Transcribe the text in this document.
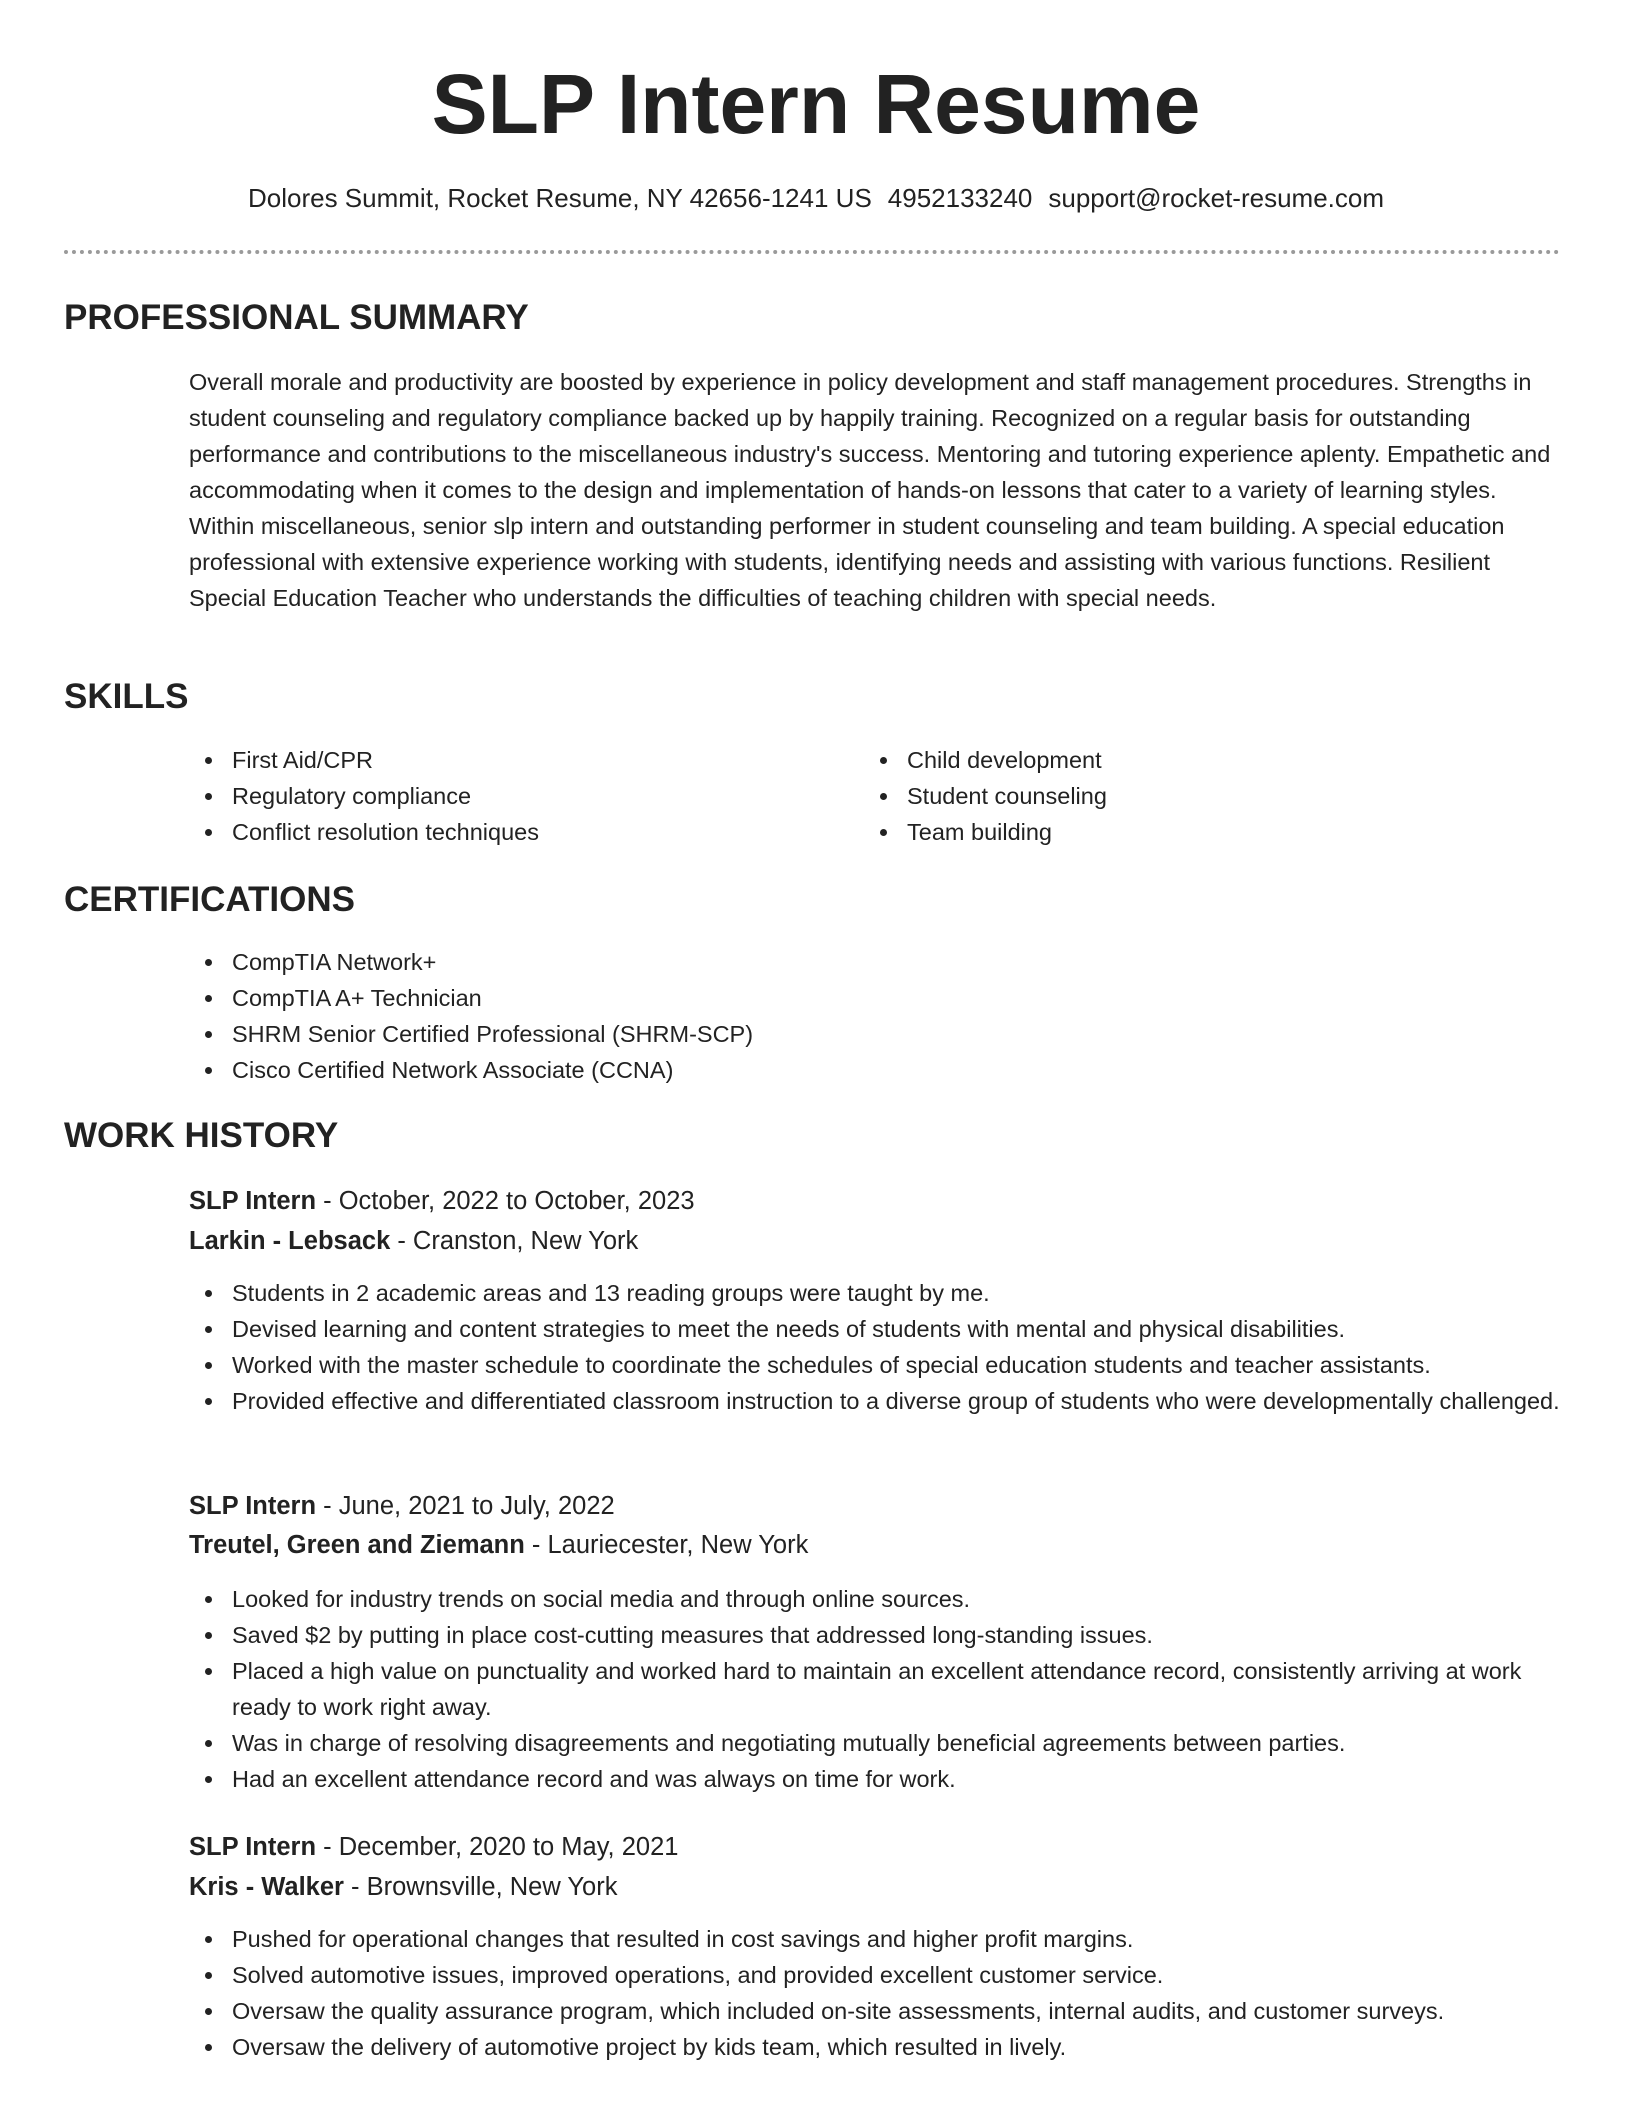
SLP Intern Resume
Dolores Summit, Rocket Resume, NY 42656-1241 US 4952133240 support@rocket-resume.com
PROFESSIONAL SUMMARY

Overall morale and productivity are boosted by experience in policy development and staff management procedures. Strengths in student counseling and regulatory compliance backed up by happily training. Recognized on a regular basis for outstanding performance and contributions to the miscellaneous industry's success. Mentoring and tutoring experience aplenty. Empathetic and accommodating when it comes to the design and implementation of hands-on lessons that cater to a variety of learning styles. Within miscellaneous, senior slp intern and outstanding performer in student counseling and team building. A special education professional with extensive experience working with students, identifying needs and assisting with various functions. Resilient Special Education Teacher who understands the difficulties of teaching children with special needs.

SKILLS
First Aid/CPR
Regulatory compliance
Conflict resolution techniques
Child development
Student counseling
Team building
CERTIFICATIONS
CompTIA Network+
CompTIA A+ Technician
SHRM Senior Certified Professional (SHRM-SCP)
Cisco Certified Network Associate (CCNA)
WORK HISTORY
SLP Intern - October, 2022 to October, 2023
Larkin - Lebsack - Cranston, New York
Students in 2 academic areas and 13 reading groups were taught by me.
Devised learning and content strategies to meet the needs of students with mental and physical disabilities.
Worked with the master schedule to coordinate the schedules of special education students and teacher assistants.
Provided effective and differentiated classroom instruction to a diverse group of students who were developmentally challenged.
SLP Intern - June, 2021 to July, 2022
Treutel, Green and Ziemann - Lauriecester, New York
Looked for industry trends on social media and through online sources.
Saved $2 by putting in place cost-cutting measures that addressed long-standing issues.
Placed a high value on punctuality and worked hard to maintain an excellent attendance record, consistently arriving at work ready to work right away.
Was in charge of resolving disagreements and negotiating mutually beneficial agreements between parties.
Had an excellent attendance record and was always on time for work.
SLP Intern - December, 2020 to May, 2021
Kris - Walker - Brownsville, New York
Pushed for operational changes that resulted in cost savings and higher profit margins.
Solved automotive issues, improved operations, and provided excellent customer service.
Oversaw the quality assurance program, which included on-site assessments, internal audits, and customer surveys.
Oversaw the delivery of automotive project by kids team, which resulted in lively.
